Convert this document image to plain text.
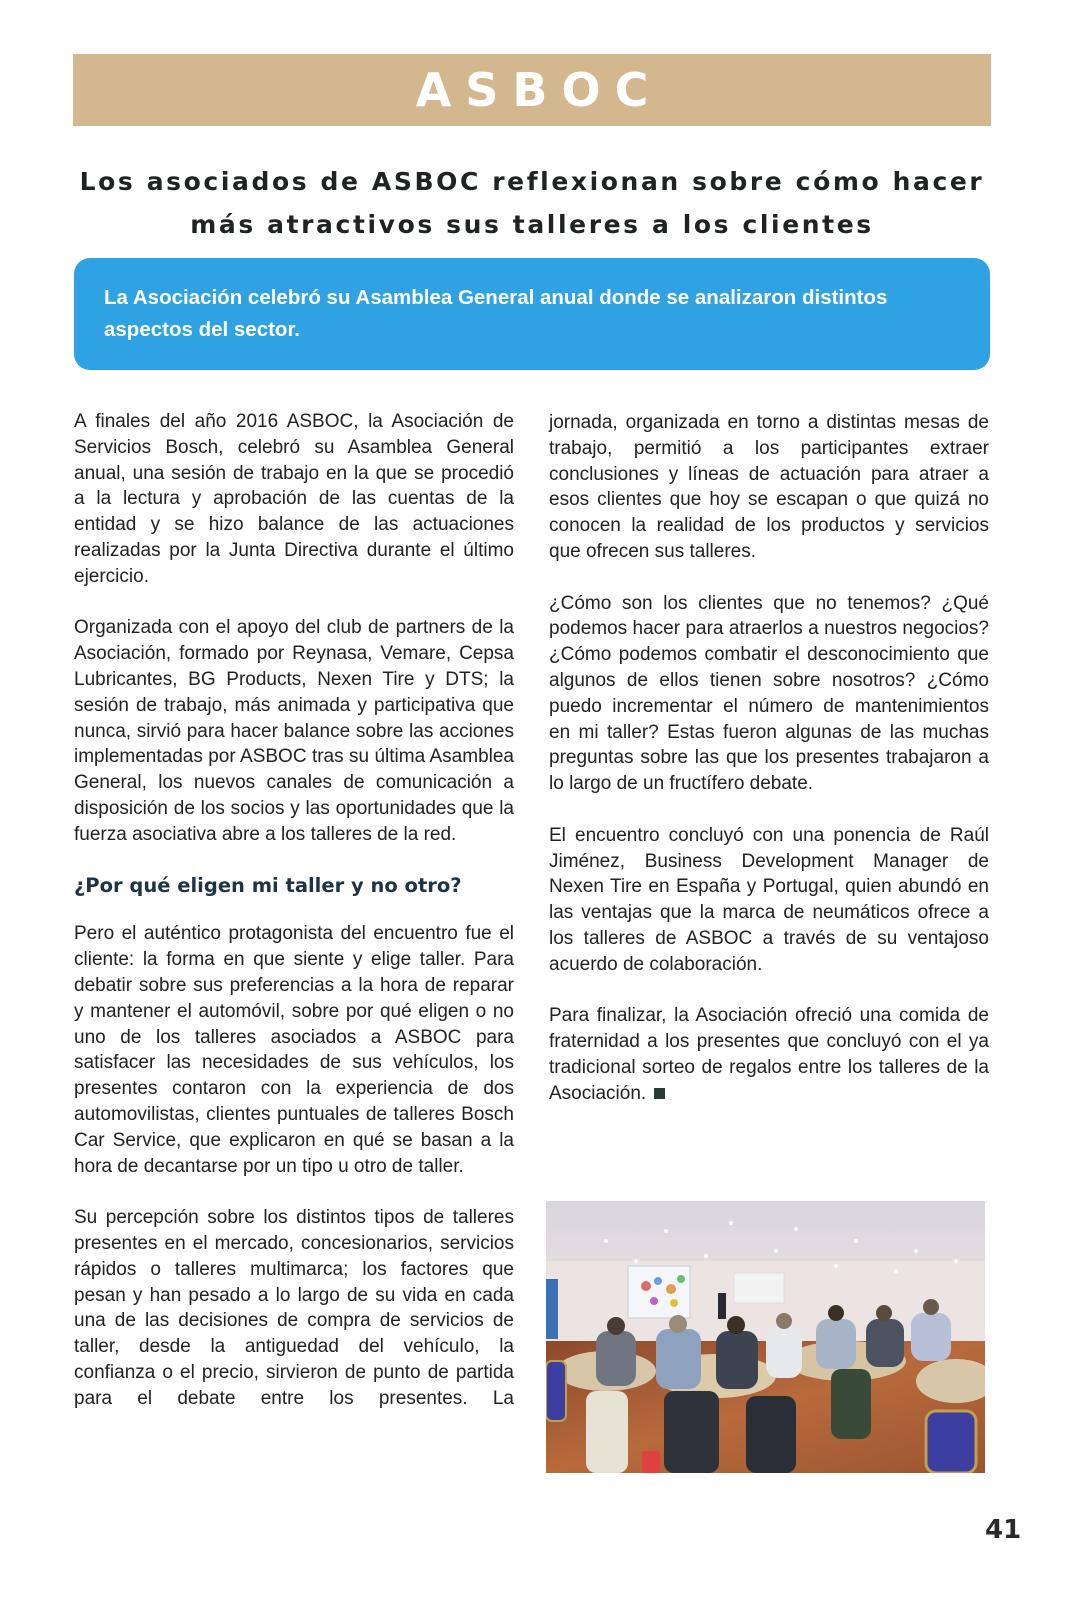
ASBOC
Los asociados de ASBOC reflexionan sobre cómo hacer
más atractivos sus talleres a los clientes
La Asociación celebró su Asamblea General anual donde se analizaron distintos aspectos del sector.

A finales del año 2016 ASBOC, la Asociación de Servicios Bosch, celebró su Asamblea General anual, una sesión de trabajo en la que se procedió a la lectura y aprobación de las cuentas de la entidad y se hizo balance de las actuaciones realizadas por la Junta Directiva durante el último ejercicio.

Organizada con el apoyo del club de partners de la Asociación, formado por Reynasa, Vemare, Cepsa Lubricantes, BG Products, Nexen Tire y DTS; la sesión de trabajo, más animada y participativa que nunca, sirvió para hacer balance sobre las acciones implementadas por ASBOC tras su última Asamblea General, los nuevos canales de comunicación a disposición de los socios y las oportunidades que la fuerza asociativa abre a los talleres de la red.

¿Por qué eligen mi taller y no otro?

Pero el auténtico protagonista del encuentro fue el cliente: la forma en que siente y elige taller. Para debatir sobre sus preferencias a la hora de reparar y mantener el automóvil, sobre por qué eligen o no uno de los talleres asociados a ASBOC para satisfacer las necesidades de sus vehículos, los presentes contaron con la experiencia de dos automovilistas, clientes puntuales de talleres Bosch Car Service, que explicaron en qué se basan a la hora de decantarse por un tipo u otro de taller.

Su percepción sobre los distintos tipos de talleres presentes en el mercado, concesionarios, servicios rápidos o talleres multimarca; los factores que pesan y han pesado a lo largo de su vida en cada una de las decisiones de compra de servicios de taller, desde la antiguedad del vehículo, la confianza o el precio, sirvieron de punto de partida para el debate entre los presentes. La

jornada, organizada en torno a distintas mesas de trabajo, permitió a los participantes extraer conclusiones y líneas de actuación para atraer a esos clientes que hoy se escapan o que quizá no conocen la realidad de los productos y servicios que ofrecen sus talleres.

¿Cómo son los clientes que no tenemos? ¿Qué podemos hacer para atraerlos a nuestros negocios? ¿Cómo podemos combatir el desconocimiento que algunos de ellos tienen sobre nosotros? ¿Cómo puedo incrementar el número de mantenimientos en mi taller? Estas fueron algunas de las muchas preguntas sobre las que los presentes trabajaron a lo largo de un fructífero debate.

El encuentro concluyó con una ponencia de Raúl Jiménez, Business Development Manager de Nexen Tire en España y Portugal, quien abundó en las ventajas que la marca de neumáticos ofrece a los talleres de ASBOC a través de su ventajoso acuerdo de colaboración.

Para finalizar, la Asociación ofreció una comida de fraternidad a los presentes que concluyó con el ya tradicional sorteo de regalos entre los talleres de la Asociación.

41
